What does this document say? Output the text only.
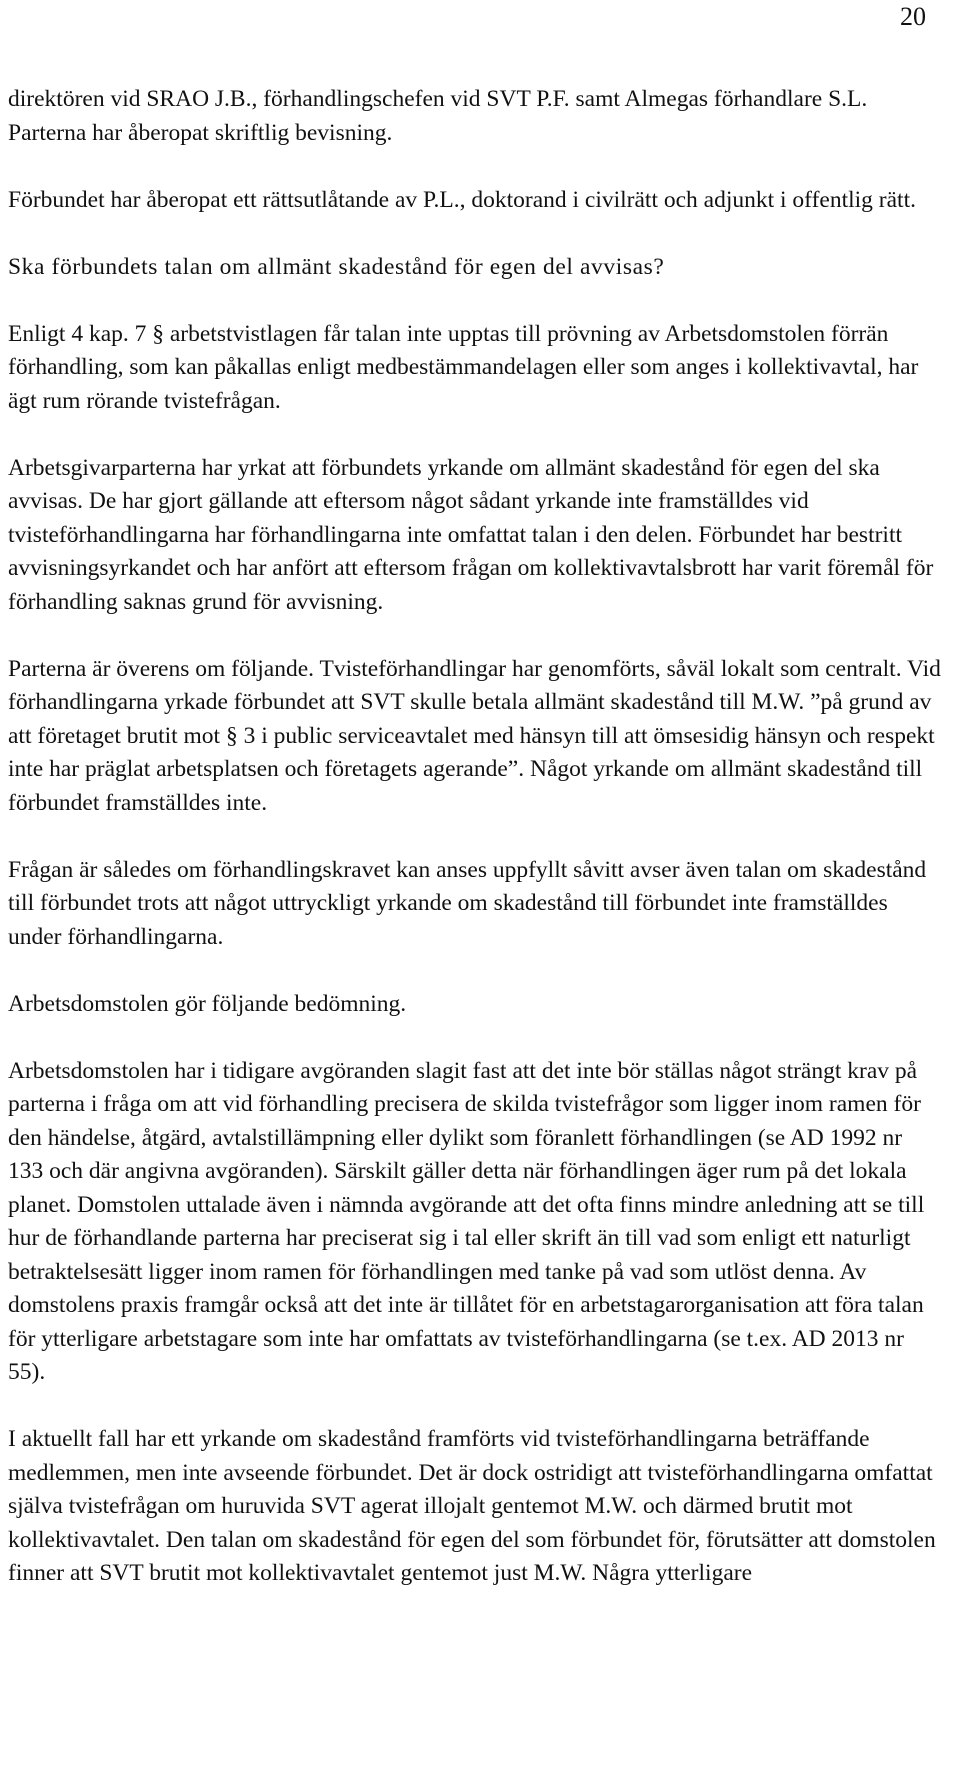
20

direktören vid SRAO J.B., förhandlingschefen vid SVT P.F. samt Almegas förhandlare S.L. Parterna har åberopat skriftlig bevisning.

Förbundet har åberopat ett rättsutlåtande av P.L., doktorand i civilrätt och adjunkt i offentlig rätt.

Ska förbundets talan om allmänt skadestånd för egen del avvisas?

Enligt 4 kap. 7 § arbetstvistlagen får talan inte upptas till prövning av Arbetsdomstolen förrän förhandling, som kan påkallas enligt medbestämmandelagen eller som anges i kollektivavtal, har ägt rum rörande tvistefrågan.

Arbetsgivarparterna har yrkat att förbundets yrkande om allmänt skadestånd för egen del ska avvisas. De har gjort gällande att eftersom något sådant yrkande inte framställdes vid tvisteförhandlingarna har förhandlingarna inte omfattat talan i den delen. Förbundet har bestritt avvisningsyrkandet och har anfört att eftersom frågan om kollektivavtalsbrott har varit föremål för förhandling saknas grund för avvisning.

Parterna är överens om följande. Tvisteförhandlingar har genomförts, såväl lokalt som centralt. Vid förhandlingarna yrkade förbundet att SVT skulle betala allmänt skadestånd till M.W. ”på grund av att företaget brutit mot § 3 i public serviceavtalet med hänsyn till att ömsesidig hänsyn och respekt inte har präglat arbetsplatsen och företagets agerande”. Något yrkande om allmänt skadestånd till förbundet framställdes inte.

Frågan är således om förhandlingskravet kan anses uppfyllt såvitt avser även talan om skadestånd till förbundet trots att något uttryckligt yrkande om skadestånd till förbundet inte framställdes under förhandlingarna.

Arbetsdomstolen gör följande bedömning.

Arbetsdomstolen har i tidigare avgöranden slagit fast att det inte bör ställas något strängt krav på parterna i fråga om att vid förhandling precisera de skilda tvistefrågor som ligger inom ramen för den händelse, åtgärd, avtalstillämpning eller dylikt som föranlett förhandlingen (se AD 1992 nr 133 och där angivna avgöranden). Särskilt gäller detta när förhandlingen äger rum på det lokala planet. Domstolen uttalade även i nämnda avgörande att det ofta finns mindre anledning att se till hur de förhandlande parterna har preciserat sig i tal eller skrift än till vad som enligt ett naturligt betraktelsesätt ligger inom ramen för förhandlingen med tanke på vad som utlöst denna. Av domstolens praxis framgår också att det inte är tillåtet för en arbetstagarorganisation att föra talan för ytterligare arbetstagare som inte har omfattats av tvisteförhandlingarna (se t.ex. AD 2013 nr 55).

I aktuellt fall har ett yrkande om skadestånd framförts vid tvisteförhandlingarna beträffande medlemmen, men inte avseende förbundet. Det är dock ostridigt att tvisteförhandlingarna omfattat själva tvistefrågan om huruvida SVT agerat illojalt gentemot M.W. och därmed brutit mot kollektivavtalet. Den talan om skadestånd för egen del som förbundet för, förutsätter att domstolen finner att SVT brutit mot kollektivavtalet gentemot just M.W. Några ytterligare
